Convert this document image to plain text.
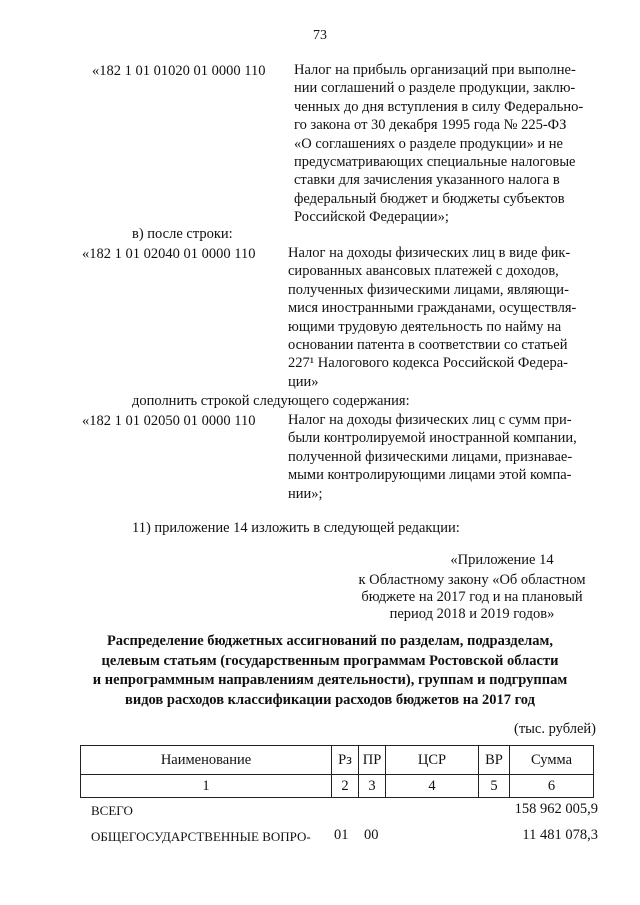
73
«182 1 01 01020 01 0000 110 Налог на прибыль организаций при выполне-
нии соглашений о разделе продукции, заклю-
ченных до дня вступления в силу Федерально-
го закона от 30 декабря 1995 года № 225-ФЗ
«О соглашениях о разделе продукции» и не
предусматривающих специальные налоговые
ставки для зачисления указанного налога в
федеральный бюджет и бюджеты субъектов
Российской Федерации»;
в) после строки:
«182 1 01 02040 01 0000 110 Налог на доходы физических лиц в виде фик-
сированных авансовых платежей с доходов,
полученных физическими лицами, являющи-
мися иностранными гражданами, осуществля-
ющими трудовую деятельность по найму на
основании патента в соответствии со статьей
227¹ Налогового кодекса Российской Федера-
ции»
дополнить строкой следующего содержания:
«182 1 01 02050 01 0000 110 Налог на доходы физических лиц с сумм при-
были контролируемой иностранной компании,
полученной физическими лицами, признавае-
мыми контролирующими лицами этой компа-
нии»;
11) приложение 14 изложить в следующей редакции:
«Приложение 14
к Областному закону «Об областном
бюджете на 2017 год и на плановый
период 2018 и 2019 годов»
Распределение бюджетных ассигнований по разделам, подразделам,
целевым статьям (государственным программам Ростовской области
и непрограммным направлениям деятельности), группам и подгруппам
видов расходов классификации расходов бюджетов на 2017 год
(тыс. рублей)
Наименование	Рз	ПР	ЦСР	ВР	Сумма
1	2	3	4	5	6
ВСЕГО	158 962 005,9
ОБЩЕГОСУДАРСТВЕННЫЕ ВОПРО- 01 00	11 481 078,3
